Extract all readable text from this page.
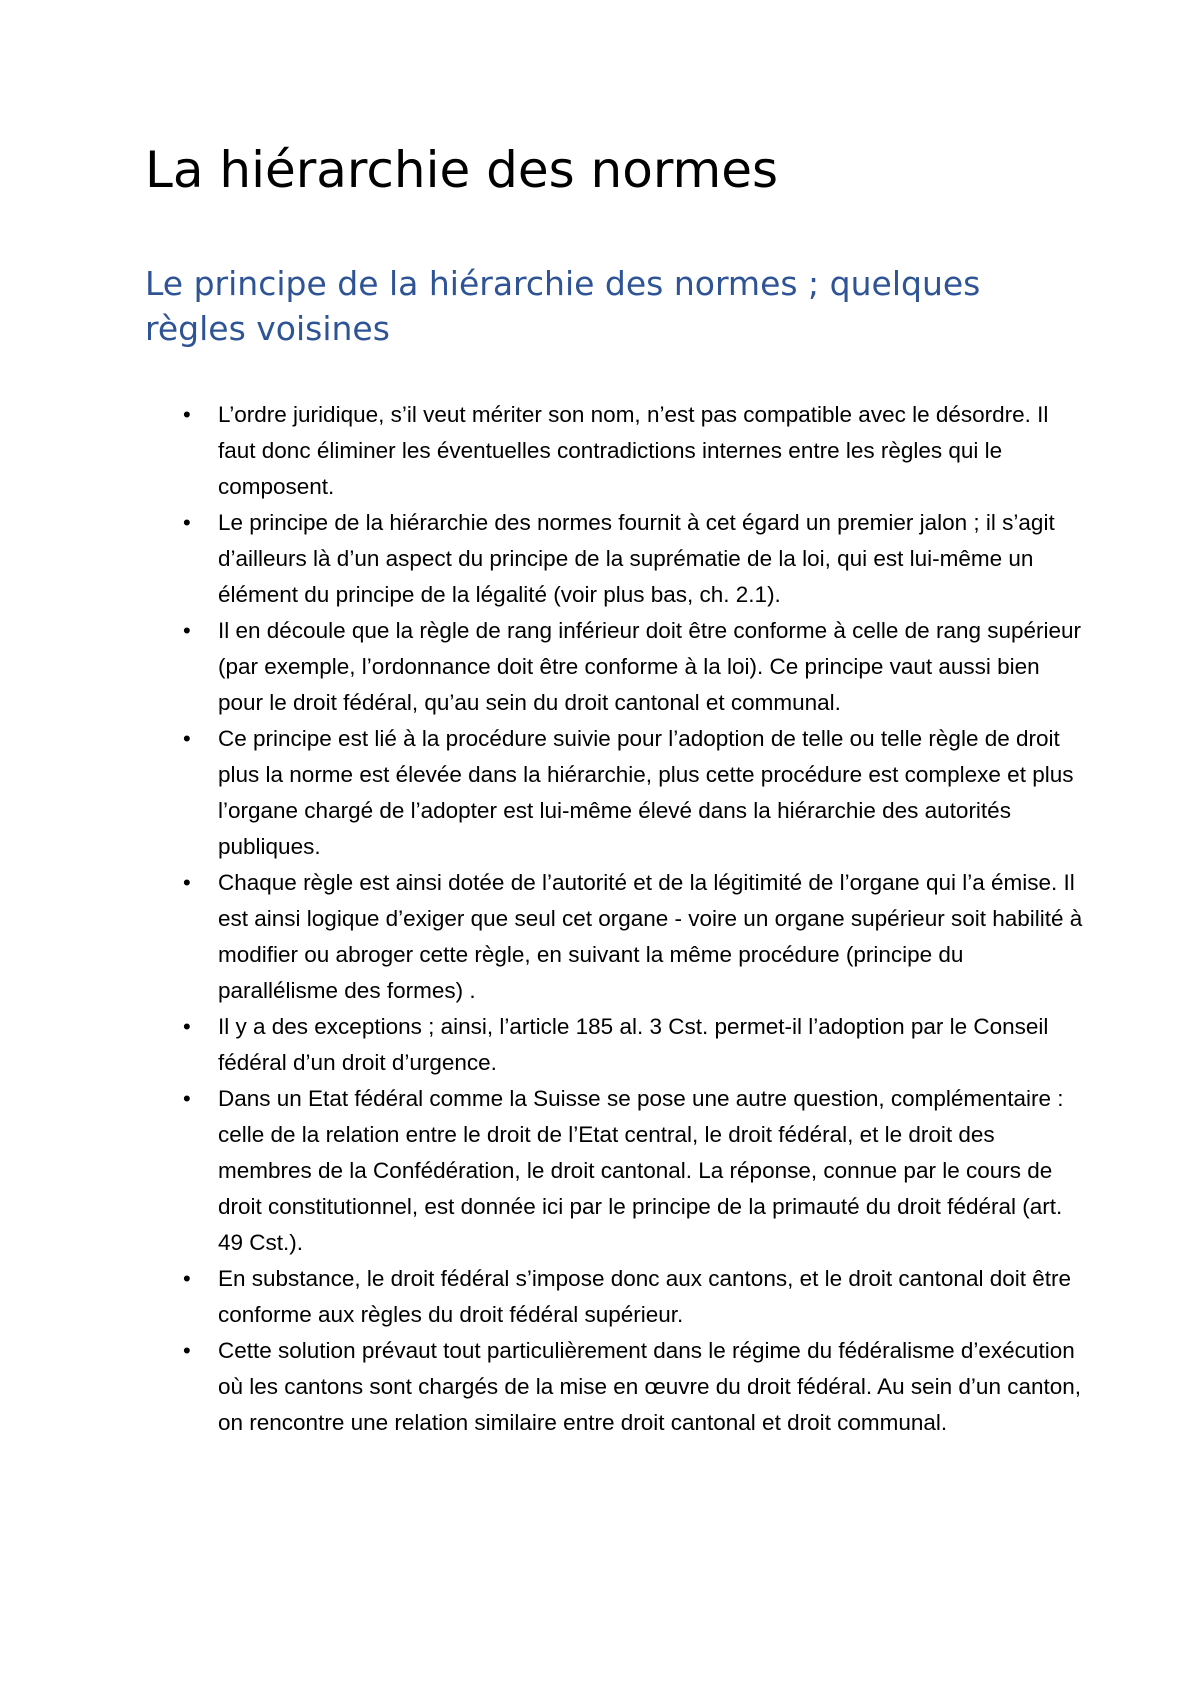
La hiérarchie des normes
Le principe de la hiérarchie des normes ; quelques règles voisines
• L’ordre juridique, s’il veut mériter son nom, n’est pas compatible avec le désordre. Il faut donc éliminer les éventuelles contradictions internes entre les règles qui le composent.
• Le principe de la hiérarchie des normes fournit à cet égard un premier jalon ; il s’agit d’ailleurs là d’un aspect du principe de la suprématie de la loi, qui est lui-même un élément du principe de la légalité (voir plus bas, ch. 2.1).
• Il en découle que la règle de rang inférieur doit être conforme à celle de rang supérieur (par exemple, l’ordonnance doit être conforme à la loi). Ce principe vaut aussi bien pour le droit fédéral, qu’au sein du droit cantonal et communal.
• Ce principe est lié à la procédure suivie pour l’adoption de telle ou telle règle de droit plus la norme est élevée dans la hiérarchie, plus cette procédure est complexe et plus l’organe chargé de l’adopter est lui-même élevé dans la hiérarchie des autorités publiques.
• Chaque règle est ainsi dotée de l’autorité et de la légitimité de l’organe qui l’a émise. Il est ainsi logique d’exiger que seul cet organe - voire un organe supérieur soit habilité à modifier ou abroger cette règle, en suivant la même procédure (principe du parallélisme des formes) .
• Il y a des exceptions ; ainsi, l’article 185 al. 3 Cst. permet-il l’adoption par le Conseil fédéral d’un droit d’urgence.
• Dans un Etat fédéral comme la Suisse se pose une autre question, complémentaire : celle de la relation entre le droit de l’Etat central, le droit fédéral, et le droit des membres de la Confédération, le droit cantonal. La réponse, connue par le cours de droit constitutionnel, est donnée ici par le principe de la primauté du droit fédéral (art. 49 Cst.).
• En substance, le droit fédéral s’impose donc aux cantons, et le droit cantonal doit être conforme aux règles du droit fédéral supérieur.
• Cette solution prévaut tout particulièrement dans le régime du fédéralisme d’exécution où les cantons sont chargés de la mise en œuvre du droit fédéral. Au sein d’un canton, on rencontre une relation similaire entre droit cantonal et droit communal.
